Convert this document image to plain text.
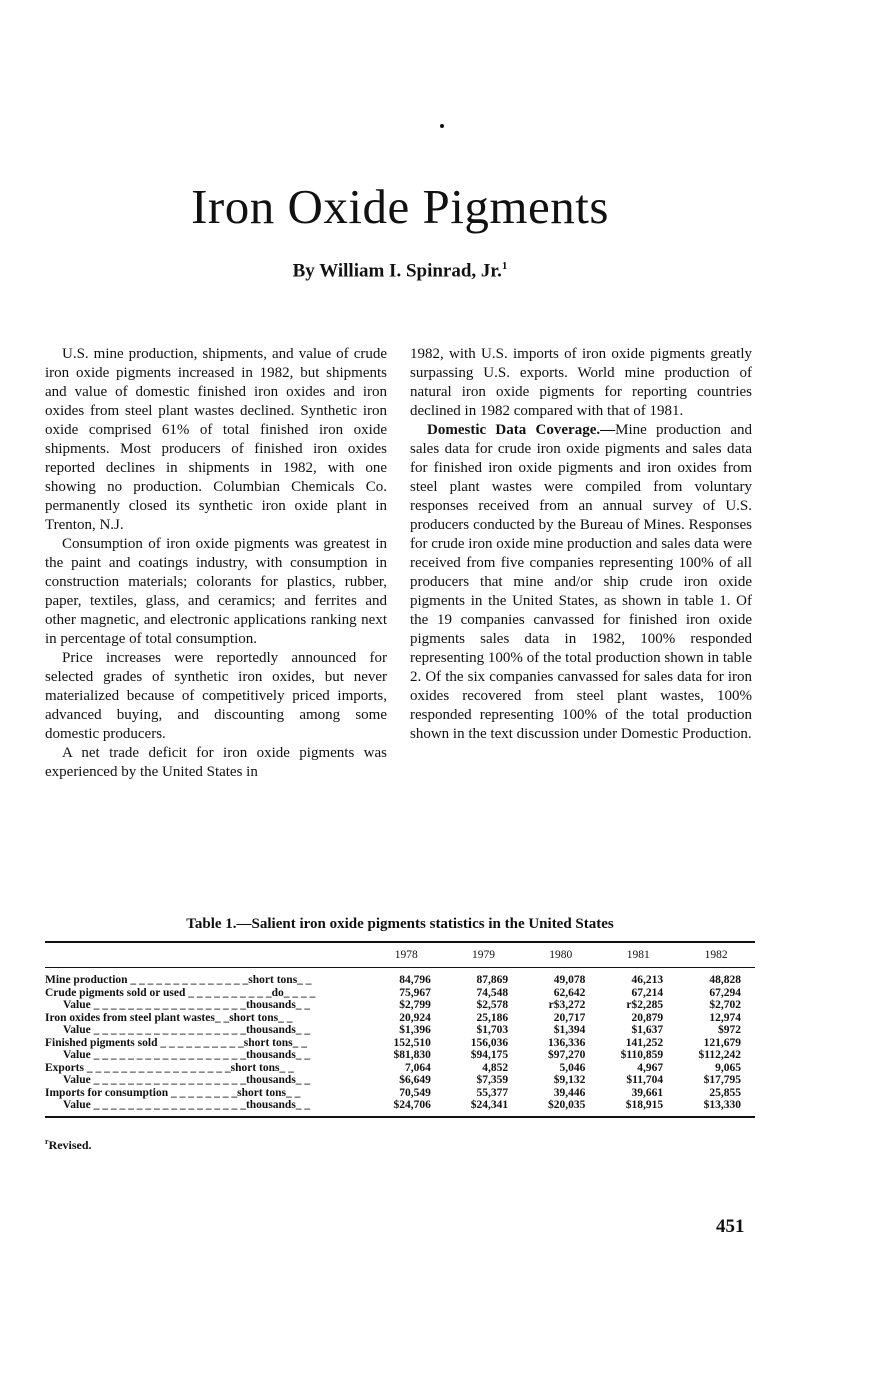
Iron Oxide Pigments
By William I. Spinrad, Jr.$^1$

U.S. mine production, shipments, and value of crude iron oxide pigments increased in 1982, but shipments and value of domestic finished iron oxides and iron oxides from steel plant wastes declined. Synthetic iron oxide comprised 61% of total finished iron oxide shipments. Most producers of finished iron oxides reported declines in shipments in 1982, with one showing no production. Columbian Chemicals Co. permanently closed its synthetic iron oxide plant in Trenton, N.J.

Consumption of iron oxide pigments was greatest in the paint and coatings industry, with consumption in construction materials; colorants for plastics, rubber, paper, textiles, glass, and ceramics; and ferrites and other magnetic, and electronic applications ranking next in percentage of total consumption.

Price increases were reportedly announced for selected grades of synthetic iron oxides, but never materialized because of competitively priced imports, advanced buying, and discounting among some domestic producers.

A net trade deficit for iron oxide pigments was experienced by the United States in

1982, with U.S. imports of iron oxide pigments greatly surpassing U.S. exports. World mine production of natural iron oxide pigments for reporting countries declined in 1982 compared with that of 1981.

Domestic Data Coverage.—Mine production and sales data for crude iron oxide pigments and sales data for finished iron oxide pigments and iron oxides from steel plant wastes were compiled from voluntary responses received from an annual survey of U.S. producers conducted by the Bureau of Mines. Responses for crude iron oxide mine production and sales data were received from five companies representing 100% of all producers that mine and/or ship crude iron oxide pigments in the United States, as shown in table 1. Of the 19 companies canvassed for finished iron oxide pigments sales data in 1982, 100% responded representing 100% of the total production shown in table 2. Of the six companies canvassed for sales data for iron oxides recovered from steel plant wastes, 100% responded representing 100% of the total production shown in the text discussion under Domestic Production.

Table 1.—Salient iron oxide pigments statistics in the United States
	1978	1979	1980	1981	1982
Mine production _ _ _ _ _ _ _ _ _ _ _ _ _ _short tons_ _	84,796	87,869	49,078	46,213	48,828
Crude pigments sold or used _ _ _ _ _ _ _ _ _ _do_ _ _ _	75,967	74,548	62,642	67,214	67,294
Value _ _ _ _ _ _ _ _ _ _ _ _ _ _ _ _ _ _thousands_ _	$2,799	$2,578	r$3,272	r$2,285	$2,702
Iron oxides from steel plant wastes_ _short tons_ _	20,924	25,186	20,717	20,879	12,974
Value _ _ _ _ _ _ _ _ _ _ _ _ _ _ _ _ _ _thousands_ _	$1,396	$1,703	$1,394	$1,637	$972
Finished pigments sold _ _ _ _ _ _ _ _ _ _short tons_ _	152,510	156,036	136,336	141,252	121,679
Value _ _ _ _ _ _ _ _ _ _ _ _ _ _ _ _ _ _thousands_ _	$81,830	$94,175	$97,270	$110,859	$112,242
Exports _ _ _ _ _ _ _ _ _ _ _ _ _ _ _ _ _short tons_ _	7,064	4,852	5,046	4,967	9,065
Value _ _ _ _ _ _ _ _ _ _ _ _ _ _ _ _ _ _thousands_ _	$6,649	$7,359	$9,132	$11,704	$17,795
Imports for consumption _ _ _ _ _ _ _ _short tons_ _	70,549	55,377	39,446	39,661	25,855
Value _ _ _ _ _ _ _ _ _ _ _ _ _ _ _ _ _ _thousands_ _	$24,706	$24,341	$20,035	$18,915	$13,330
$^r$Revised.
451
